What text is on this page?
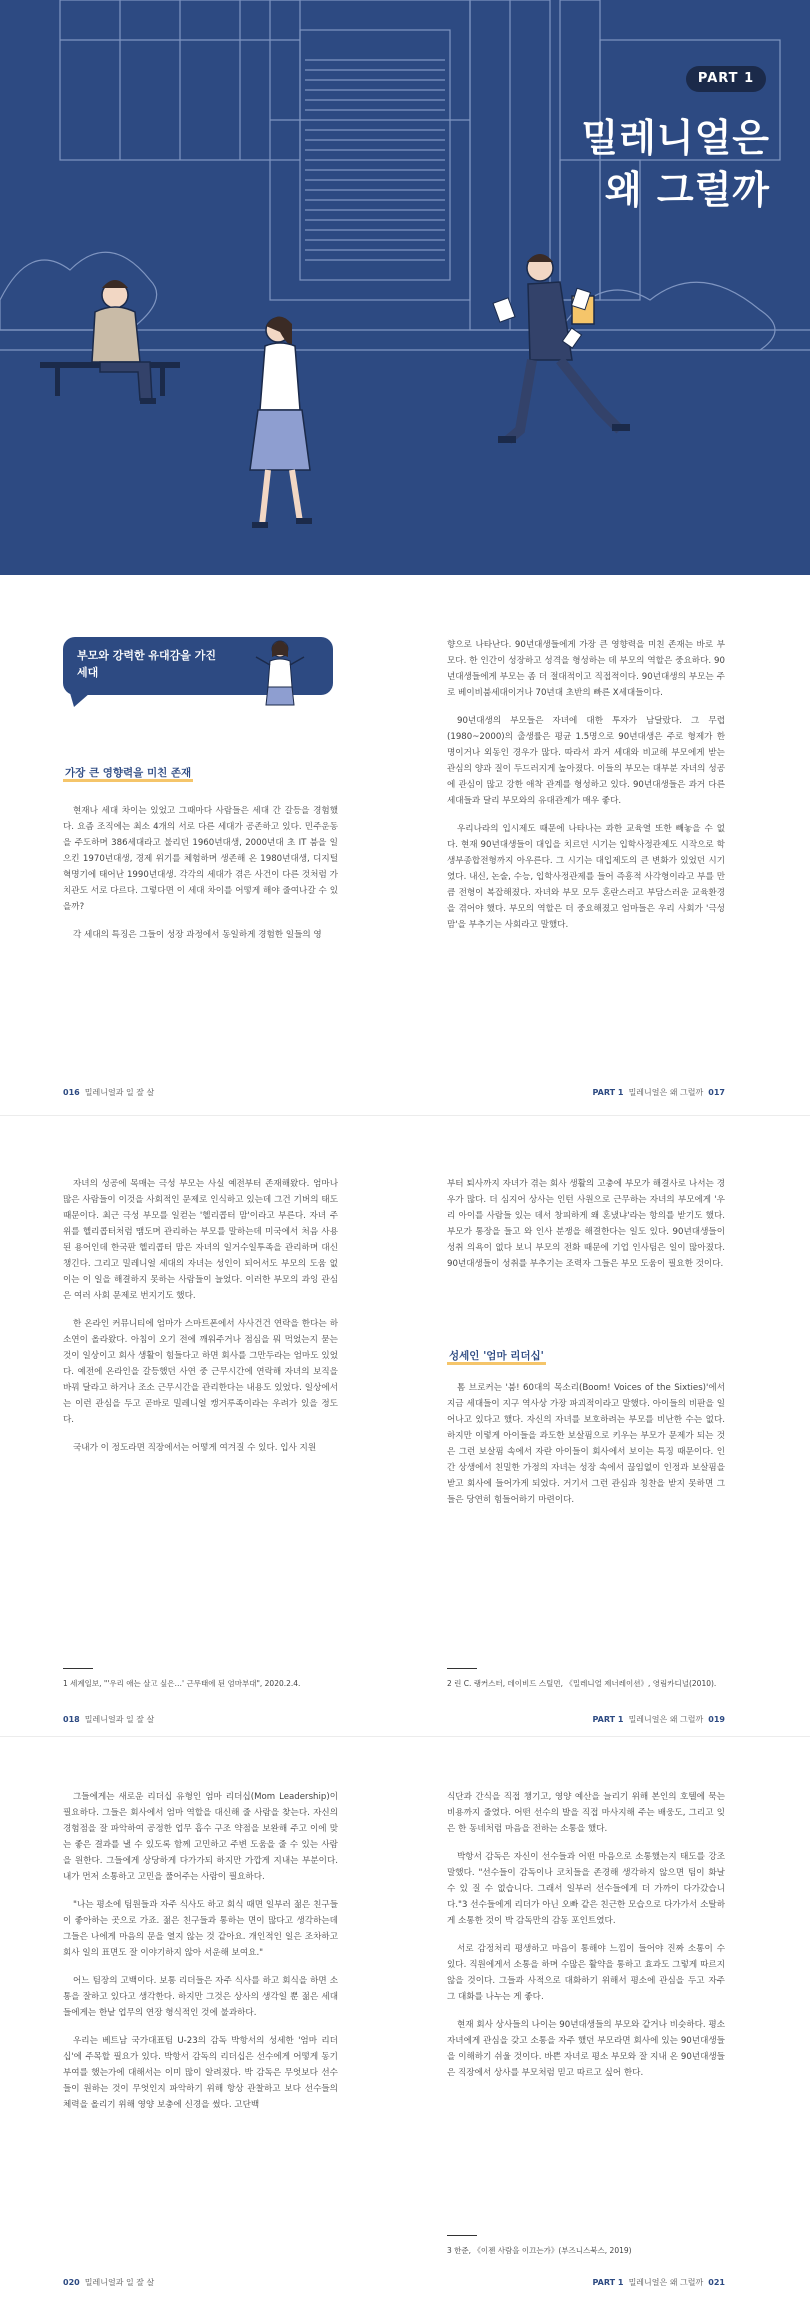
PART 1
밀레니얼은
왜 그럴까
부모와 강력한 유대감을 가진 세대
가장 큰 영향력을 미친 존재

현재나 세대 차이는 있었고 그때마다 사람들은 세대 간 갈등을 경험했다. 요즘 조직에는 최소 4개의 서로 다른 세대가 공존하고 있다. 민주운동을 주도하며 386세대라고 불리던 1960년대생, 2000년대 초 IT 붐을 일으킨 1970년대생, 경제 위기를 체험하며 생존해 온 1980년대생, 디지털 혁명기에 태어난 1990년대생. 각각의 세대가 겪은 사건이 다른 것처럼 가치관도 서로 다르다. 그렇다면 이 세대 차이를 어떻게 해야 줄여나갈 수 있을까?

각 세대의 특징은 그들이 성장 과정에서 동일하게 경험한 일들의 영

향으로 나타난다. 90년대생들에게 가장 큰 영향력을 미친 존재는 바로 부모다. 한 인간이 성장하고 성격을 형성하는 데 부모의 역할은 중요하다. 90년대생들에게 부모는 좀 더 절대적이고 직접적이다. 90년대생의 부모는 주로 베이비붐세대이거나 70년대 초반의 빠른 X세대들이다.

90년대생의 부모들은 자녀에 대한 투자가 남달랐다. 그 무렵(1980~2000)의 출생률은 평균 1.5명으로 90년대생은 주로 형제가 한 명이거나 외동인 경우가 많다. 따라서 과거 세대와 비교해 부모에게 받는 관심의 양과 질이 두드러지게 높아졌다. 이들의 부모는 대부분 자녀의 성공에 관심이 많고 강한 애착 관계를 형성하고 있다. 90년대생들은 과거 다른 세대들과 달리 부모와의 유대관계가 매우 좋다.

우리나라의 입시제도 때문에 나타나는 과한 교육열 또한 빼놓을 수 없다. 현재 90년대생들이 대입을 치르던 시기는 입학사정관제도 시작으로 학생부종합전형까지 아우른다. 그 시기는 대입제도의 큰 변화가 있었던 시기였다. 내신, 논술, 수능, 입학사정관제를 들어 즉흥적 사각형이라고 부를 만큼 전형이 복잡해졌다. 자녀와 부모 모두 혼란스러고 부담스러운 교육환경을 겪어야 했다. 부모의 역할은 더 중요해졌고 엄마들은 우리 사회가 '극성맘'을 부추기는 사회라고 말했다.

016 밀레니얼과 일 잘 살	PART 1 밀레니얼은 왜 그럴까 017

자녀의 성공에 목매는 극성 부모는 사실 예전부터 존재해왔다. 엄마나 많은 사람들이 이것을 사회적인 문제로 인식하고 있는데 그건 기버의 태도 때문이다. 최근 극성 부모를 일컫는 '헬리콥터 맘'이라고 부른다. 자녀 주위를 헬리콥터처럼 맴도며 관리하는 부모를 말하는데 미국에서 처음 사용된 용어인데 한국판 헬리콥터 맘은 자녀의 일거수일투족을 관리하며 대신 챙긴다. 그리고 밀레니얼 세대의 자녀는 성인이 되어서도 부모의 도움 없이는 이 일을 해결하지 못하는 사람들이 늘었다. 이러한 부모의 과잉 관심은 여러 사회 문제로 번지기도 했다.

한 온라인 커뮤니티에 엄마가 스마트폰에서 사사건건 연락을 한다는 하소연이 올라왔다. 아침이 오기 전에 깨워주거나 점심을 뭐 먹었는지 묻는 것이 일상이고 회사 생활이 힘들다고 하면 회사를 그만두라는 엄마도 있었다. 예전에 온라인을 갈등했던 사연 중 근무시간에 연락해 자녀의 보직을 바꿔 달라고 하거나 조소 근무시간을 관리한다는 내용도 있었다. 일상에서는 이런 관심을 두고 곧바로 밀레니얼 캥거루족이라는 우려가 있을 정도다.

국내가 이 정도라면 직장에서는 어떻게 여겨질 수 있다. 입사 지원

1 세계일보, "'우리 애는 살고 싶은…' 근무태에 된 엄마부대", 2020.2.4.

부터 퇴사까지 자녀가 겪는 회사 생활의 고충에 부모가 해결사로 나서는 경우가 많다. 더 심지어 상사는 인턴 사원으로 근무하는 자녀의 부모에게 '우리 아이를 사람들 있는 데서 창피하게 왜 혼냈냐'라는 항의를 받기도 했다. 부모가 통장을 들고 와 인사 분쟁을 해결한다는 일도 있다. 90년대생들이 성취 의욕이 없다 보니 부모의 전화 때문에 기업 인사팀은 일이 많아졌다. 90년대생들이 성취를 부추기는 조력자 그들은 부모 도움이 필요한 것이다.

성세인 '엄마 리더십'

톰 브로커는 '붐! 60대의 목소리(Boom! Voices of the Sixties)'에서 지금 세대들이 지구 역사상 가장 파괴적이라고 말했다. 아이들의 비판을 일어나고 있다고 했다. 자신의 자녀를 보호하려는 부모를 비난한 수는 없다. 하지만 이렇게 아이들을 과도한 보살핌으로 키우는 부모가 문제가 되는 것은 그런 보살핌 속에서 자란 아이들이 회사에서 보이는 특징 때문이다. 인간 상생에서 친밀한 가정의 자녀는 성장 속에서 끊임없이 인정과 보살핌을 받고 회사에 들어가게 되었다. 거기서 그런 관심과 칭찬을 받지 못하면 그들은 당연히 힘들어하기 마련이다.

2 린 C. 랭커스터, 데이비드 스틸먼, 《밀레니얼 제너레이션》, 영림카디널(2010).
018 밀레니얼과 일 잘 살	PART 1 밀레니얼은 왜 그럴까 019

그들에게는 새로운 리더십 유형인 엄마 리더십(Mom Leadership)이 필요하다. 그들은 회사에서 엄마 역할을 대신해 줄 사람을 찾는다. 자신의 경험점을 잘 파악하여 공정한 업무 흡수 구조 약점을 보완해 주고 이에 맞는 좋은 결과를 낼 수 있도록 함께 고민하고 주변 도움을 줄 수 있는 사람을 원한다. 그들에게 상당하게 다가가되 하지만 가깝게 지내는 부분이다. 내가 먼저 소통하고 고민을 풀어주는 사람이 필요하다.

"나는 평소에 팀원들과 자주 식사도 하고 회식 때면 일부러 젊은 친구들이 좋아하는 곳으로 가죠. 젊은 친구들과 통하는 면이 많다고 생각하는데 그들은 나에게 마음의 문을 열지 않는 것 같아요. 개인적인 일은 조차하고 회사 일의 표면도 잘 이야기하지 않아 서운해 보여요."

어느 팀장의 고백이다. 보통 리더들은 자주 식사를 하고 회식을 하면 소통을 잘하고 있다고 생각한다. 하지만 그것은 상사의 생각일 뿐 젊은 세대들에게는 한낱 업무의 연장 형식적인 것에 불과하다.

우리는 베트남 국가대표팀 U-23의 감독 박항서의 성세한 '엄마 리더십'에 주목할 필요가 있다. 박항서 감독의 리더십은 선수에게 어떻게 동기 부여를 했는가에 대해서는 이미 많이 알려졌다. 박 감독은 무엇보다 선수들이 원하는 것이 무엇인지 파악하기 위해 항상 관찰하고 보다 선수들의 체력을 올리기 위해 영양 보충에 신경을 썼다. 고단백

식단과 간식을 직접 챙기고, 영양 예산을 늘리기 위해 본인의 호텔에 묵는 비용까지 줄였다. 어떤 선수의 발을 직접 마사지해 주는 배웅도, 그리고 잊은 한 동네처럼 마음을 전하는 소통을 했다.

박항서 감독은 자신이 선수들과 어떤 마음으로 소통했는지 태도를 강조 말했다. "선수들이 감독이나 코치들을 존경해 생각하지 않으면 팀이 화날 수 있 질 수 없습니다. 그래서 일부러 선수들에게 더 가까이 다가갔습니다."3 선수들에게 리더가 아닌 오빠 같은 친근한 모습으로 다가가서 소탈하게 소통한 것이 박 감독만의 감동 포인트였다.

서로 감정처리 평생하고 마음이 통해야 느낌이 들어야 진짜 소통이 수 있다. 직원에게서 소통을 하며 수많은 활약을 통하고 효과도 그렇게 따르지 않을 것이다. 그들과 사적으로 대화하기 위해서 평소에 관심을 두고 자주 그 대화를 나누는 게 좋다.

현재 회사 상사들의 나이는 90년대생들의 부모와 같거나 비슷하다. 평소 자녀에게 관심을 갖고 소통을 자주 했던 부모라면 회사에 있는 90년대생들을 이해하기 쉬울 것이다. 바쁜 자녀로 평소 부모와 잘 지내 온 90년대생들은 직장에서 상사를 부모처럼 믿고 따르고 싶어 한다.

3 한준, 《이젠 사람을 이끄는가》(부즈니스북스, 2019)
020 밀레니얼과 일 잘 살	PART 1 밀레니얼은 왜 그럴까 021
